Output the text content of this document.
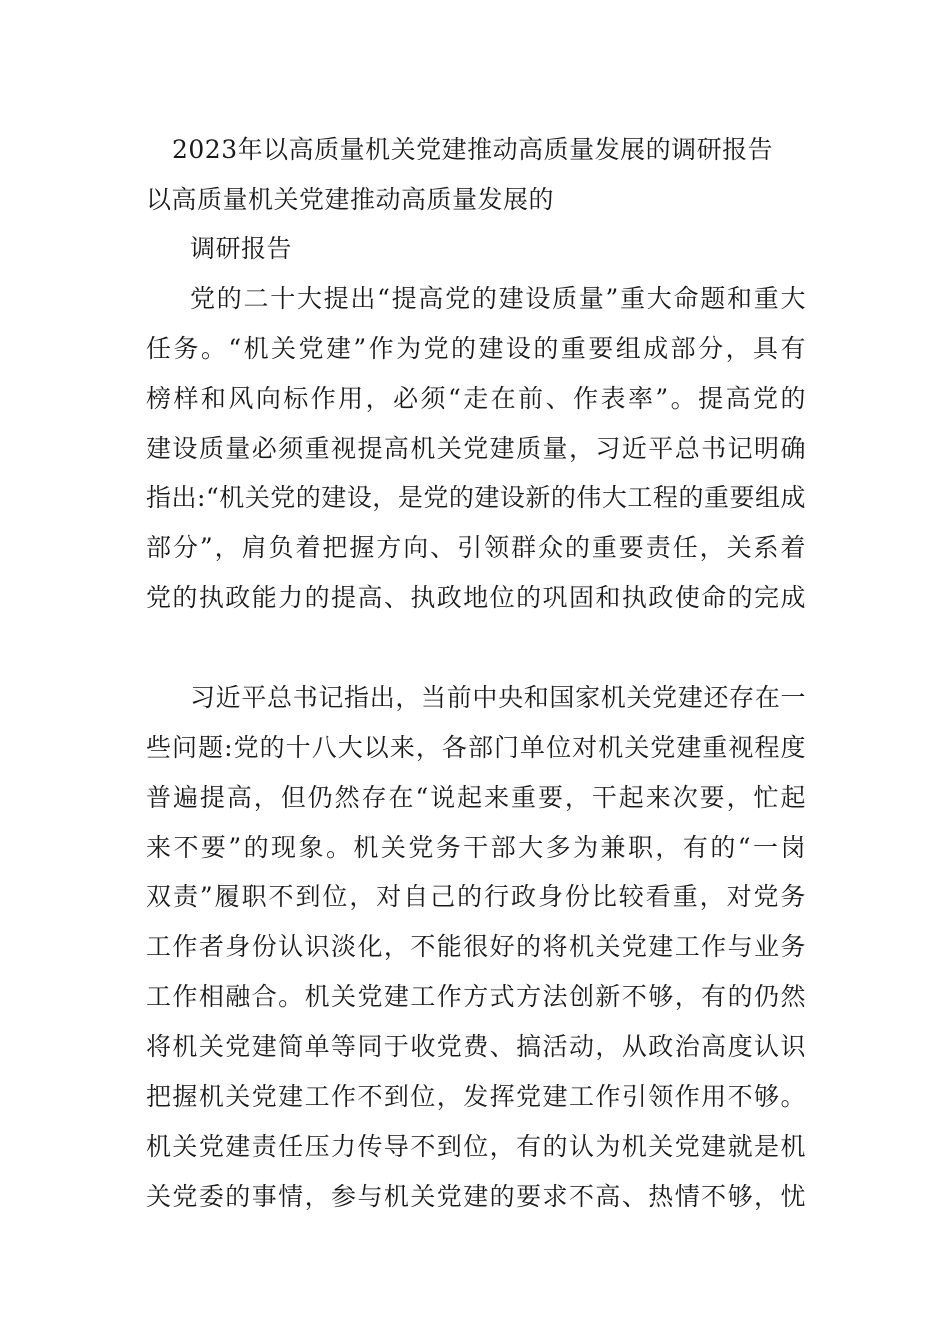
2023年以高质量机关党建推动高质量发展的调研报告
以高质量机关党建推动高质量发展的
调研报告
党的二十大提出“提高党的建设质量”重大命题和重大
任务。“机关党建”作为党的建设的重要组成部分，具有
榜样和风向标作用，必须“走在前、作表率”。提高党的
建设质量必须重视提高机关党建质量，习近平总书记明确
指出:“机关党的建设，是党的建设新的伟大工程的重要组成
部分”，肩负着把握方向、引领群众的重要责任，关系着
党的执政能力的提高、执政地位的巩固和执政使命的完成
习近平总书记指出，当前中央和国家机关党建还存在一
些问题:党的十八大以来，各部门单位对机关党建重视程度
普遍提高，但仍然存在“说起来重要，干起来次要，忙起
来不要”的现象。机关党务干部大多为兼职，有的“一岗
双责”履职不到位，对自己的行政身份比较看重，对党务
工作者身份认识淡化，不能很好的将机关党建工作与业务
工作相融合。机关党建工作方式方法创新不够，有的仍然
将机关党建简单等同于收党费、搞活动，从政治高度认识
把握机关党建工作不到位，发挥党建工作引领作用不够。
机关党建责任压力传导不到位，有的认为机关党建就是机
关党委的事情，参与机关党建的要求不高、热情不够，忧
